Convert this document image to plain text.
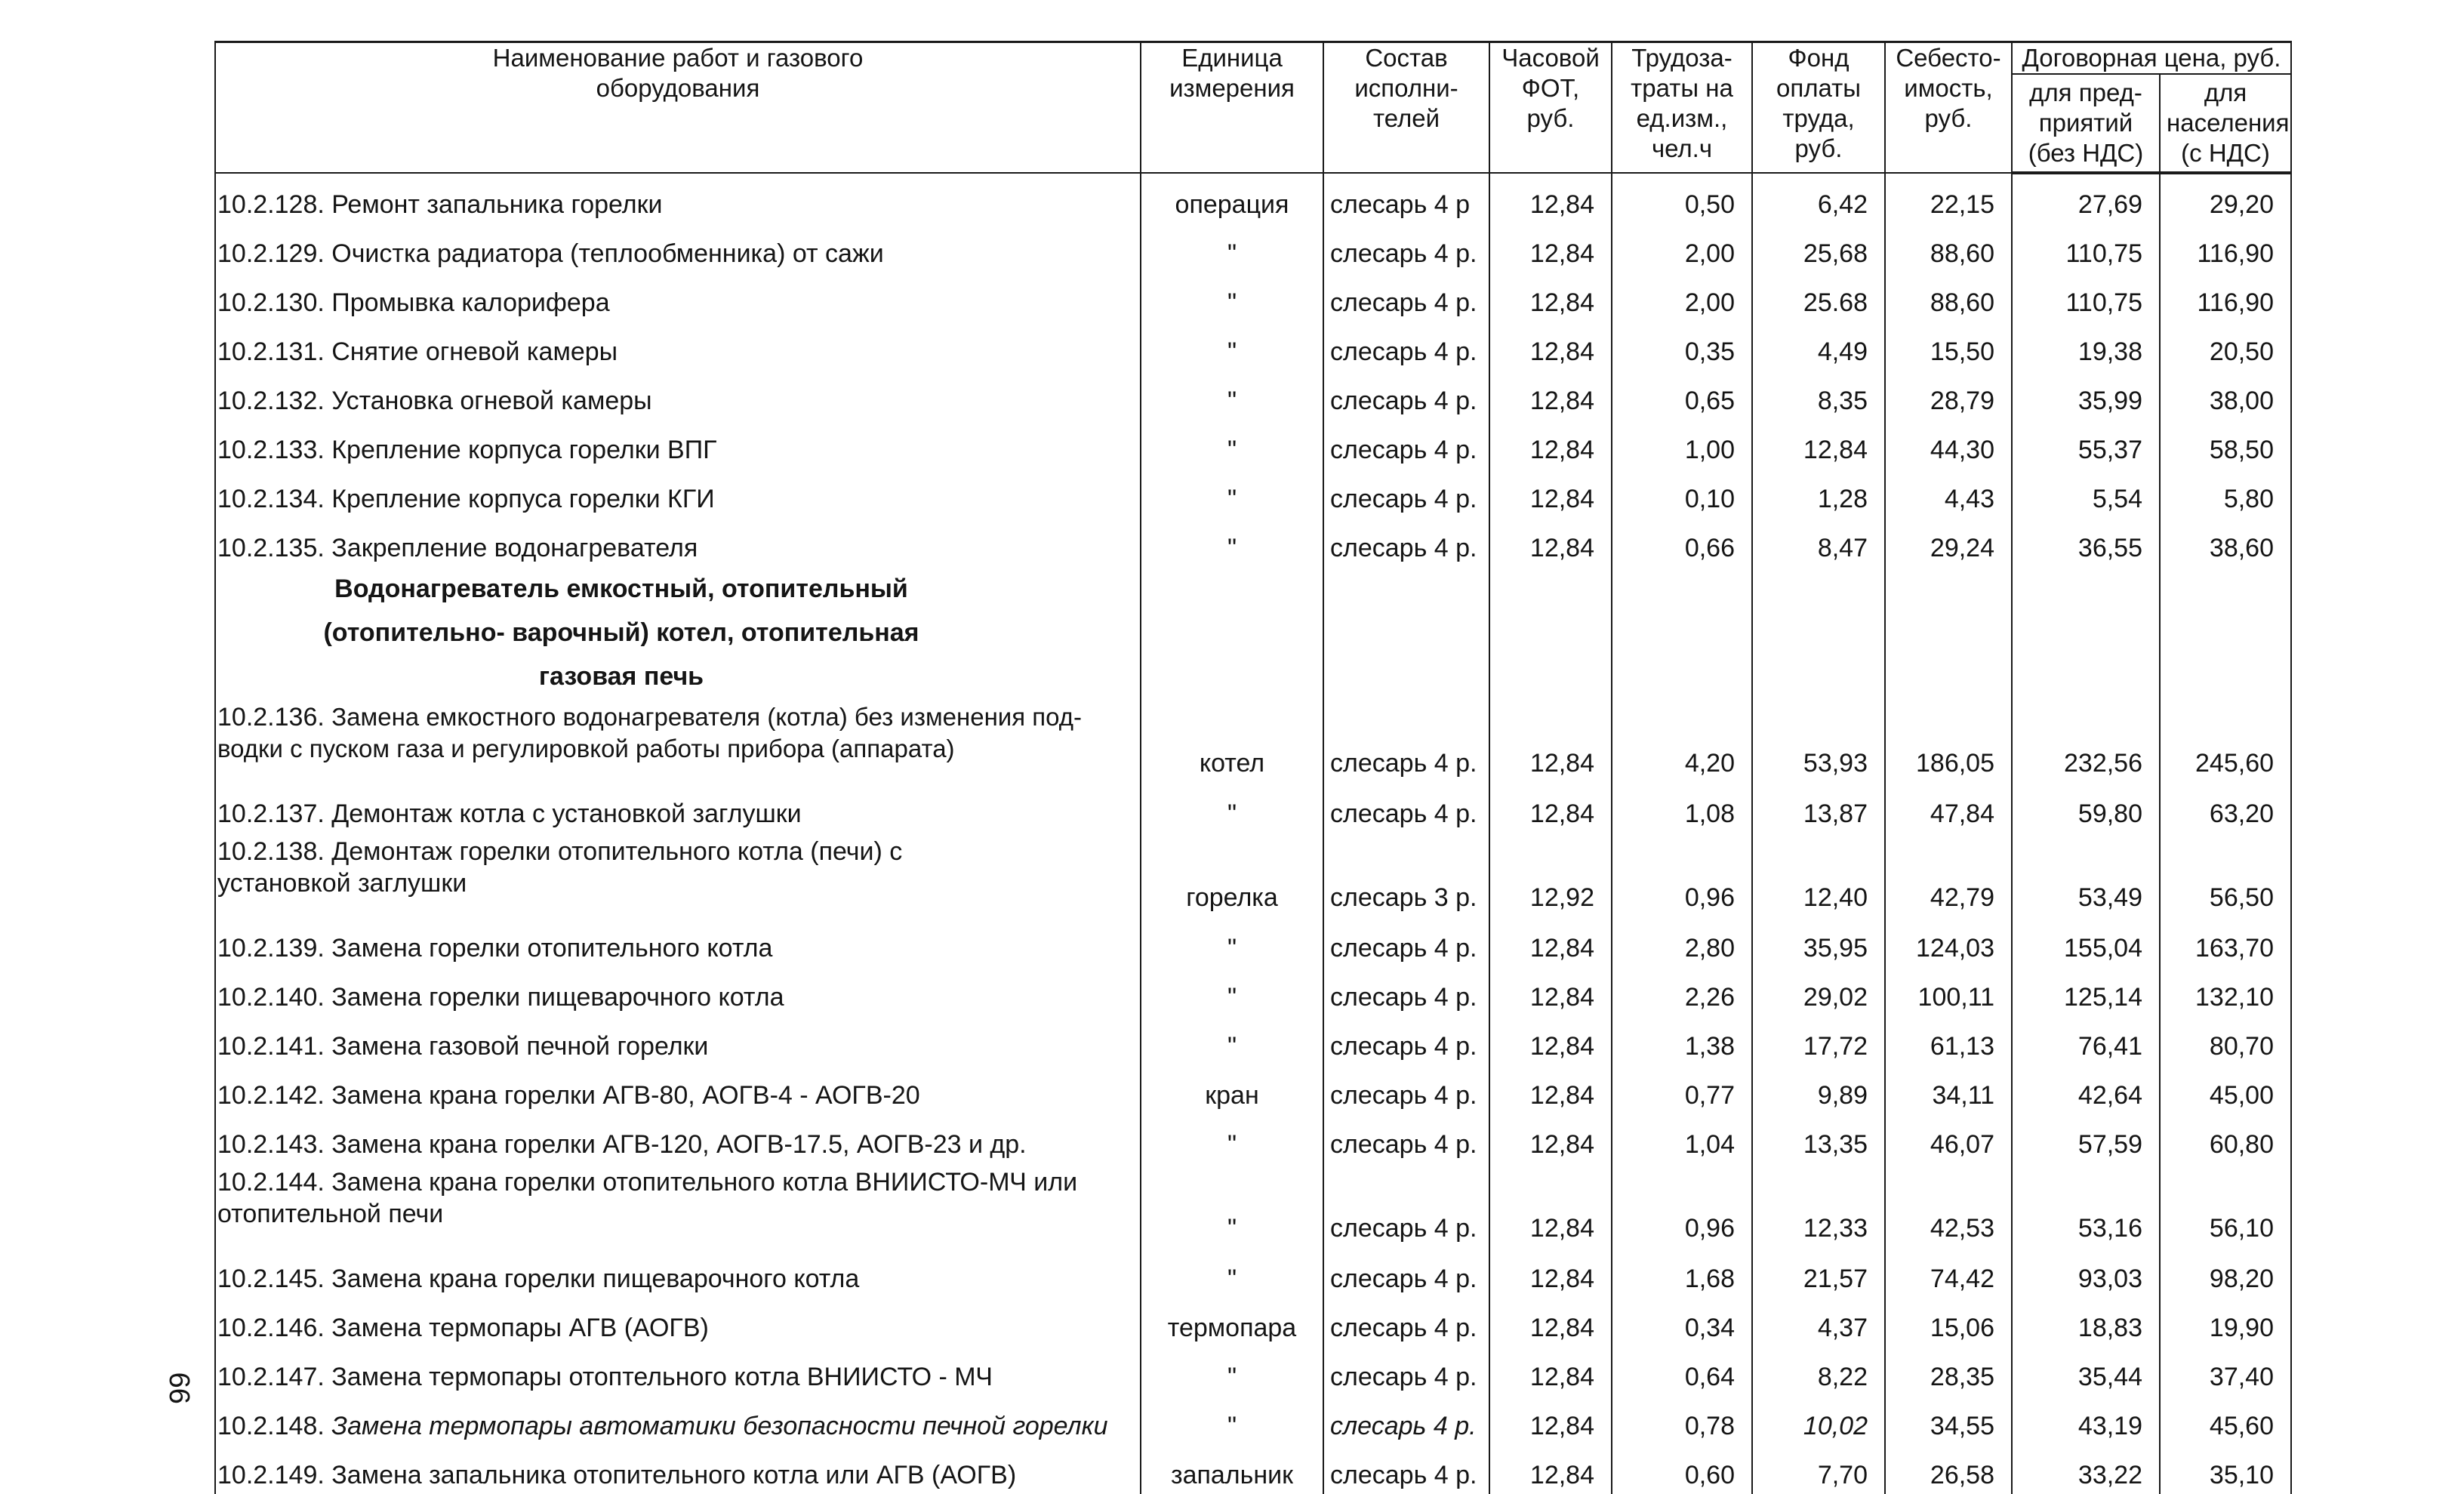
Наименование работ и газового оборудования	Единица измерения	Состав исполни- телей	Часовой ФОТ, руб.	Трудоза- траты на ед.изм., чел.ч	Фонд оплаты труда, руб.	Себесто- имость, руб.	Договорная цена, руб.	
							для пред- приятий (без НДС)	для населения (с НДС)
10.2.128. Ремонт запальника горелки	операция	слесарь 4 р	12,84	0,50	6,42	22,15	27,69	29,20
10.2.129. Очистка радиатора (теплообменника) от сажи	"	слесарь 4 р.	12,84	2,00	25,68	88,60	110,75	116,90
10.2.130. Промывка калорифера	"	слесарь 4 р.	12,84	2,00	25.68	88,60	110,75	116,90
10.2.131. Снятие огневой камеры	"	слесарь 4 р.	12,84	0,35	4,49	15,50	19,38	20,50
10.2.132. Установка огневой камеры	"	слесарь 4 р.	12,84	0,65	8,35	28,79	35,99	38,00
10.2.133. Крепление корпуса горелки ВПГ	"	слесарь 4 р.	12,84	1,00	12,84	44,30	55,37	58,50
10.2.134. Крепление корпуса горелки КГИ	"	слесарь 4 р.	12,84	0,10	1,28	4,43	5,54	5,80
10.2.135. Закрепление водонагревателя	"	слесарь 4 р.	12,84	0,66	8,47	29,24	36,55	38,60

Водонагреватель емкостный, отопительный (отопительно- варочный) котел, отопительная газовая печь								

10.2.136. Замена емкостного водонагревателя (котла) без изменения под- водки с пуском газа и регулировкой работы прибора (аппарата)	котел	слесарь 4 р.	12,84	4,20	53,93	186,05	232,56	245,60
10.2.137. Демонтаж котла с установкой заглушки	"	слесарь 4 р.	12,84	1,08	13,87	47,84	59,80	63,20
10.2.138. Демонтаж горелки отопительного котла (печи) с установкой заглушки	горелка	слесарь 3 р.	12,92	0,96	12,40	42,79	53,49	56,50
10.2.139. Замена горелки отопительного котла	"	слесарь 4 р.	12,84	2,80	35,95	124,03	155,04	163,70
10.2.140. Замена горелки пищеварочного котла	"	слесарь 4 р.	12,84	2,26	29,02	100,11	125,14	132,10
10.2.141. Замена газовой печной горелки	"	слесарь 4 р.	12,84	1,38	17,72	61,13	76,41	80,70
10.2.142. Замена крана горелки АГВ-80, АОГВ-4 - АОГВ-20	кран	слесарь 4 р.	12,84	0,77	9,89	34,11	42,64	45,00
10.2.143. Замена крана горелки АГВ-120, АОГВ-17.5, АОГВ-23 и др.	"	слесарь 4 р.	12,84	1,04	13,35	46,07	57,59	60,80
10.2.144. Замена крана горелки отопительного котла ВНИИСТО-МЧ или отопительной печи	"	слесарь 4 р.	12,84	0,96	12,33	42,53	53,16	56,10
10.2.145. Замена крана горелки пищеварочного котла	"	слесарь 4 р.	12,84	1,68	21,57	74,42	93,03	98,20
10.2.146. Замена термопары АГВ (АОГВ)	термопара	слесарь 4 р.	12,84	0,34	4,37	15,06	18,83	19,90
10.2.147. Замена термопары отоптельного котла ВНИИСТО - МЧ	"	слесарь 4 р.	12,84	0,64	8,22	28,35	35,44	37,40
10.2.148. Замена термопары автоматики безопасности печной горелки	"	слесарь 4 р.	12,84	0,78	10,02	34,55	43,19	45,60
10.2.149. Замена запальника отопительного котла или АГВ (АОГВ)	запальник	слесарь 4 р.	12,84	0,60	7,70	26,58	33,22	35,10
99
